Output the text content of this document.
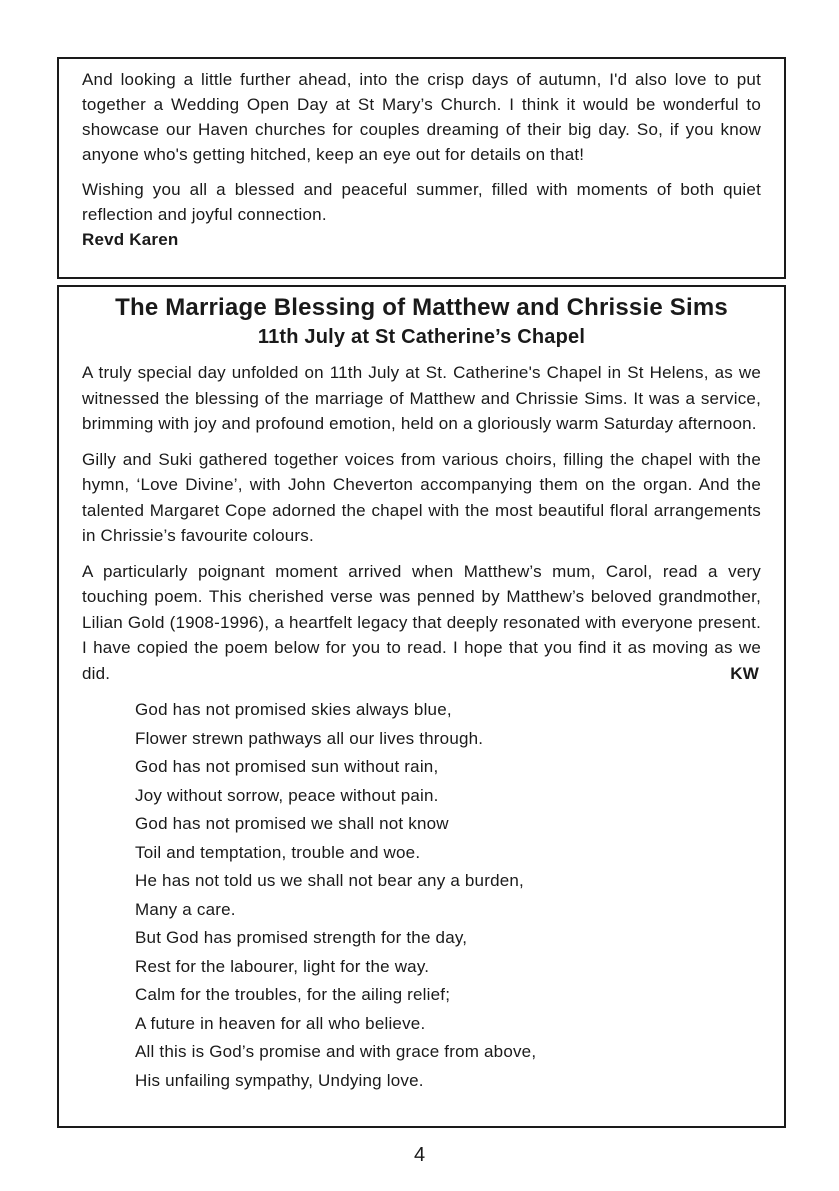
And looking a little further ahead, into the crisp days of autumn, I'd also love to put together a Wedding Open Day at St Mary’s Church. I think it would be wonderful to showcase our Haven churches for couples dreaming of their big day. So, if you know anyone who's getting hitched, keep an eye out for details on that!

Wishing you all a blessed and peaceful summer, filled with moments of both quiet reflection and joyful connection.

Revd Karen

The Marriage Blessing of Matthew and Chrissie Sims
11th July at St Catherine’s Chapel

A truly special day unfolded on 11th July at St. Catherine's Chapel in St Helens, as we witnessed the blessing of the marriage of Matthew and Chrissie Sims. It was a service, brimming with joy and profound emotion, held on a gloriously warm Saturday afternoon.

Gilly and Suki gathered together voices from various choirs, filling the chapel with the hymn, ‘Love Divine’, with John Cheverton accompanying them on the organ. And the talented Margaret Cope adorned the chapel with the most beautiful floral arrangements in Chrissie’s favourite colours.

A particularly poignant moment arrived when Matthew’s mum, Carol, read a very touching poem. This cherished verse was penned by Matthew’s beloved grandmother, Lilian Gold (1908-1996), a heartfelt legacy that deeply resonated with everyone present. I have copied the poem below for you to read. I hope that you find it as moving as we did.	KW

God has not promised skies always blue,
Flower strewn pathways all our lives through.
God has not promised sun without rain,
Joy without sorrow, peace without pain.
God has not promised we shall not know
Toil and temptation, trouble and woe.
He has not told us we shall not bear any a burden,
Many a care.
But God has promised strength for the day,
Rest for the labourer, light for the way.
Calm for the troubles, for the ailing relief;
A future in heaven for all who believe.
All this is God’s promise and with grace from above,
His unfailing sympathy, Undying love.
4
